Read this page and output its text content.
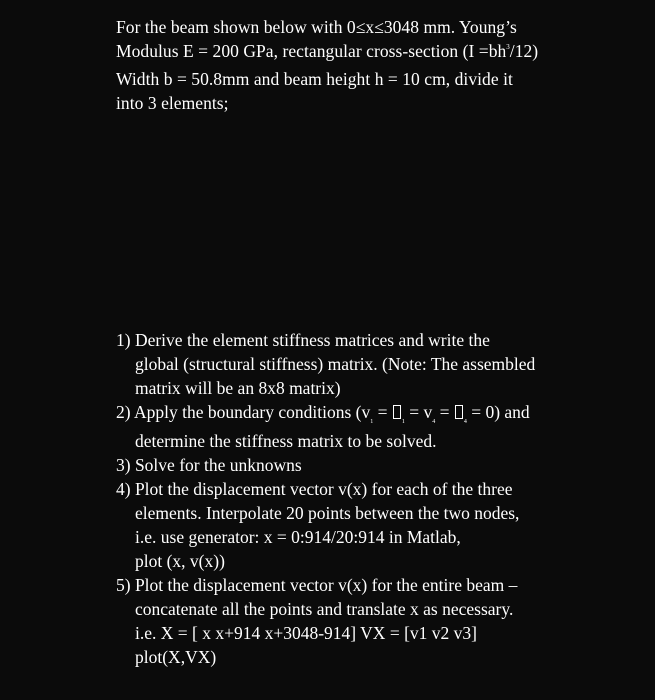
For the beam shown below with 0≤x≤3048 mm. Young’s
Modulus E = 200 GPa, rectangular cross-section $(I =bh^3/12)$
Width b = 50.8mm and beam height h = 10 cm, divide it
into 3 elements;
1) Derive the element stiffness matrices and write the
global (structural stiffness) matrix. (Note: The assembled
matrix will be an 8x8 matrix)
2) Apply the boundary conditions $(v_1 = _1 = v_4 = _4 = 0)$ and
determine the stiffness matrix to be solved.
3) Solve for the unknowns
4) Plot the displacement vector v(x) for each of the three
elements. Interpolate 20 points between the two nodes,
i.e. use generator: x = 0:914/20:914 in Matlab,
plot (x, v(x))
5) Plot the displacement vector v(x) for the entire beam –
concatenate all the points and translate x as necessary.
i.e. X = [ x x+914 x+3048-914] VX = [v1 v2 v3]
plot(X,VX)
